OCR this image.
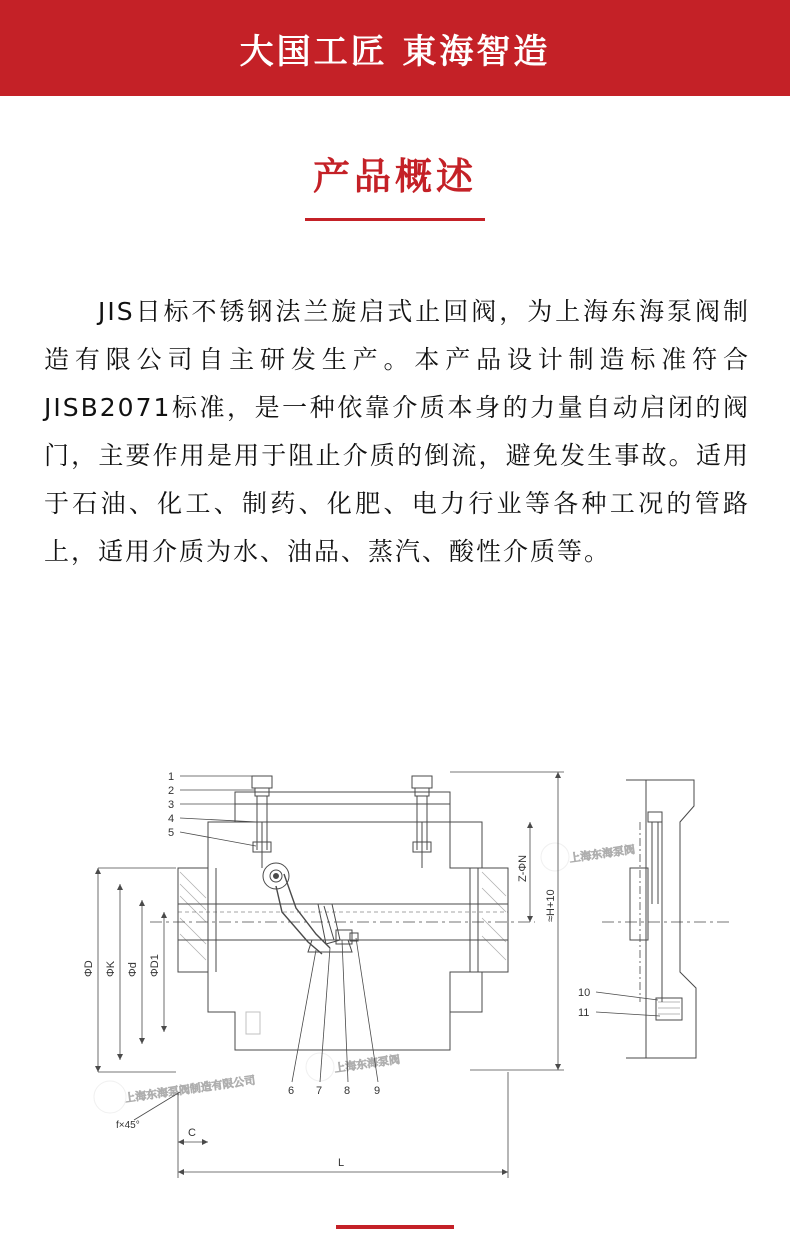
大国工匠 東海智造
产品概述
JIS日标不锈钢法兰旋启式止回阀，为上海东海泵阀制造有限公司自主研发生产。本产品设计制造标准符合JISB2071标准，是一种依靠介质本身的力量自动启闭的阀门，主要作用是用于阻止介质的倒流，避免发生事故。适用于石油、化工、制药、化肥、电力行业等各种工况的管路上，适用介质为水、油品、蒸汽、酸性介质等。
上海东海泵阀制造有限公司
上海东海泵阀
上海东海泵阀
1
2
3
4
5
6 7 8 9
ΦD ΦK Φd ΦD1
f×45°
C
L
Z-ΦN
≈H+10
10
11
